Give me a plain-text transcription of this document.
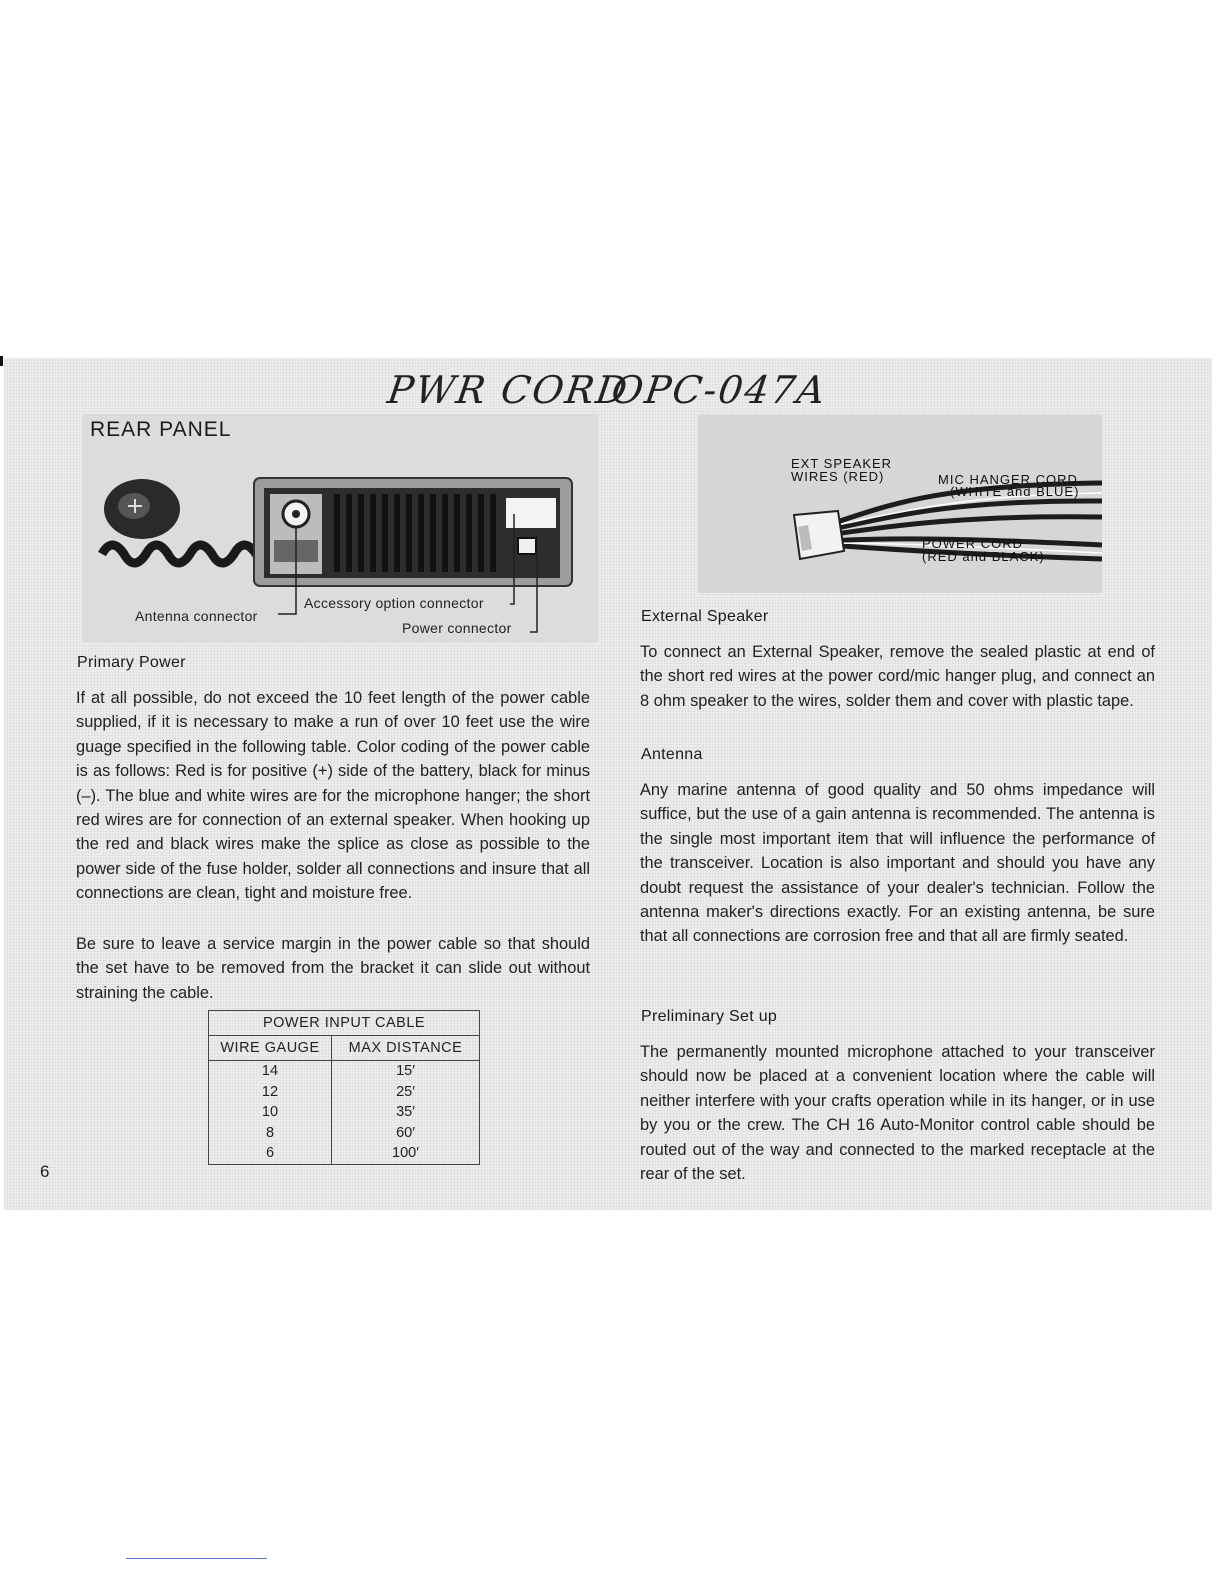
PWR CORD
OPC-047A
REAR PANEL
Antenna connector
Accessory option connector
Power connector
EXT SPEAKER
WIRES (RED)	MIC HANGER CORD
(WHITE and BLUE)
POWER CORD
(RED and BLACK)
Primary Power
If at all possible, do not exceed the 10 feet length of the power cable supplied, if it is necessary to make a run of over 10 feet use the wire guage specified in the following table. Color coding of the power cable is as follows: Red is for positive (+) side of the battery, black for minus (–). The blue and white wires are for the microphone hanger; the short red wires are for connection of an external speaker. When hooking up the red and black wires make the splice as close as possible to the power side of the fuse holder, solder all connections and insure that all connections are clean, tight and moisture free.
Be sure to leave a service margin in the power cable so that should the set have to be removed from the bracket it can slide out without straining the cable.
POWER INPUT CABLE	
WIRE GAUGE	MAX DISTANCE
14	15′
12	25′
10	35′
8	60′
6	100′
6
External Speaker
To connect an External Speaker, remove the sealed plastic at end of the short red wires at the power cord/mic hanger plug, and connect an 8 ohm speaker to the wires, solder them and cover with plastic tape.
Antenna
Any marine antenna of good quality and 50 ohms impedance will suffice, but the use of a gain antenna is recommended. The antenna is the single most important item that will influence the performance of the transceiver. Location is also important and should you have any doubt request the assistance of your dealer's technician. Follow the antenna maker's directions exactly. For an existing antenna, be sure that all connections are corrosion free and that all are firmly seated.
Preliminary Set up
The permanently mounted microphone attached to your transceiver should now be placed at a convenient location where the cable will neither interfere with your crafts operation while in its hanger, or in use by you or the crew. The CH 16 Auto-Monitor control cable should be routed out of the way and connected to the marked receptacle at the rear of the set.
